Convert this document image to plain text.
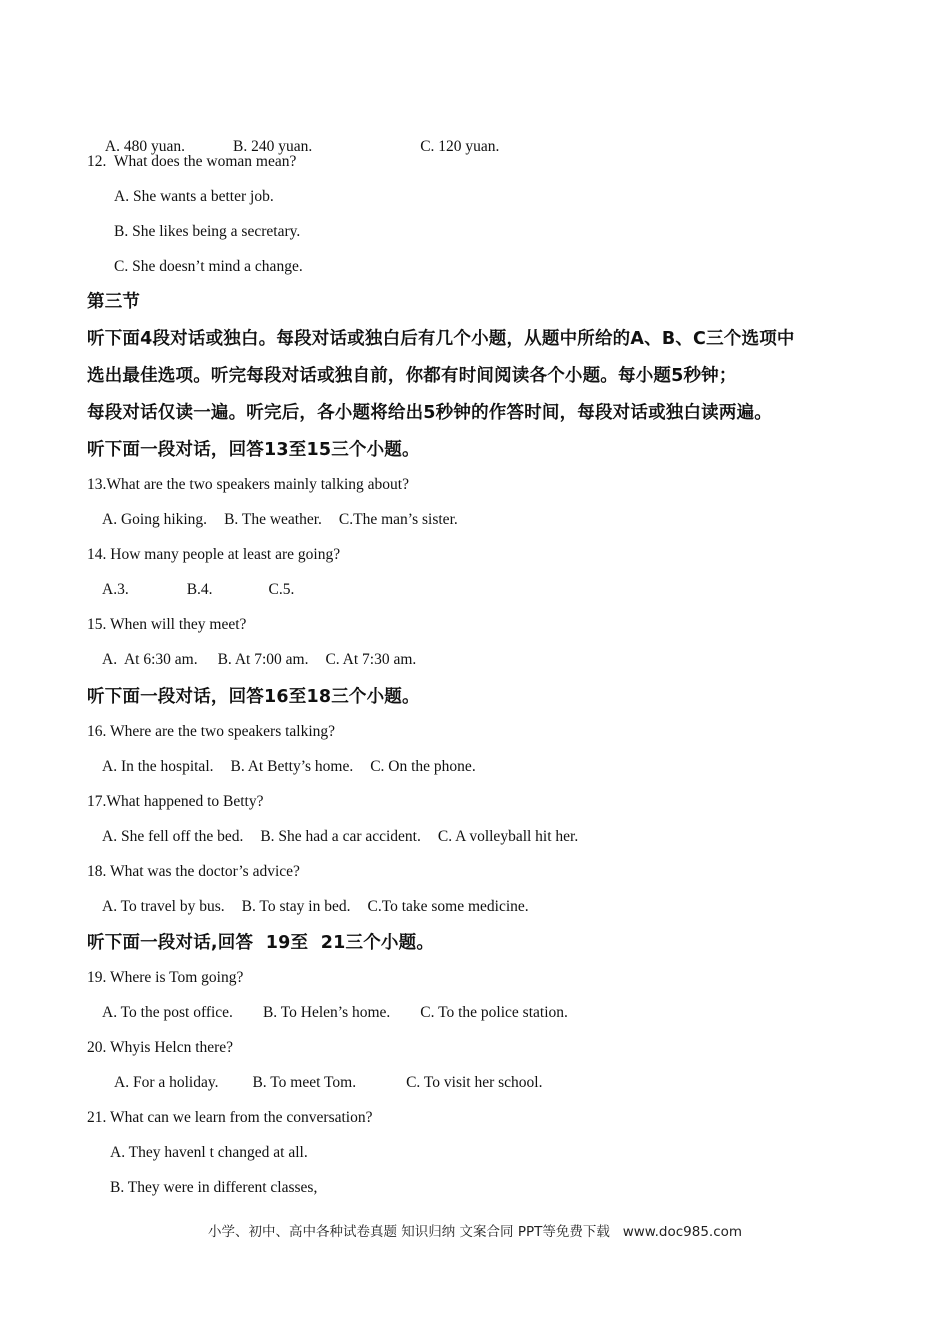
A. 480 yuan.	B. 240 yuan.	C. 120 yuan.

12.  What does the woman mean?
A. She wants a better job.
B. She likes being a secretary.
C. She doesn’t mind a change.
第三节
听下面4段对话或独白。每段对话或独白后有几个小题，从题中所给的A、B、C三个选项中
选出最佳选项。听完每段对话或独自前，你都有时间阅读各个小题。每小题5秒钟；
每段对话仅读一遍。听完后，各小题将给出5秒钟的作答时间，每段对话或独白读两遍。
听下面一段对话，回答13至15三个小题。
13.What are the two speakers mainly talking about?
A. Going hiking. B. The weather. C.The man’s sister.
14. How many people at least are going?
A.3.	B.4.	C.5.
15. When will they meet?
A.  At 6:30 am. B. At 7:00 am. C. At 7:30 am.
听下面一段对话，回答16至18三个小题。
16. Where are the two speakers talking?
A. In the hospital. B. At Betty’s home. C. On the phone.
17.What happened to Betty?
A. She fell off the bed. B. She had a car accident. C. A volleyball hit her.
18. What was the doctor’s advice?
A. To travel by bus. B. To stay in bed. C.To take some medicine.
听下面一段对话,回答  19至  21三个小题。
19. Where is Tom going?
A. To the post office. B. To Helen’s home. C. To the police station.
20. Whyis Helcn there?
A. For a holiday. B. To meet Tom.	C. To visit her school.
21. What can we learn from the conversation?
A. They havenl t changed at all.
B. They were in different classes,
小学、初中、高中各种试卷真题 知识归纳 文案合同 PPT等免费下载   www.doc985.com
